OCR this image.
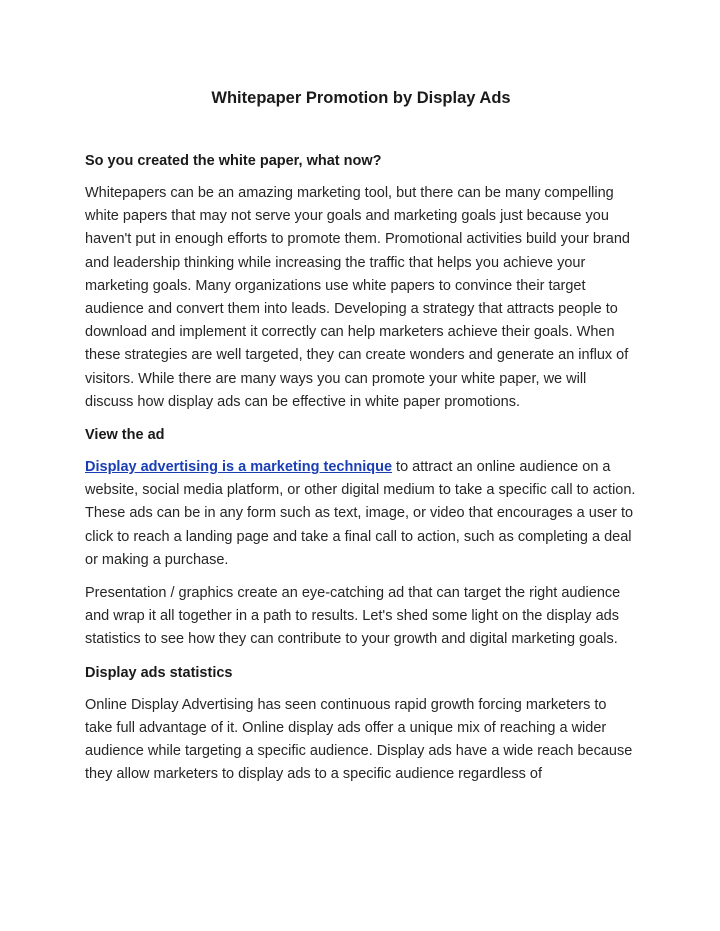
Whitepaper Promotion by Display Ads
So you created the white paper, what now?

Whitepapers can be an amazing marketing tool, but there can be many compelling white papers that may not serve your goals and marketing goals just because you haven't put in enough efforts to promote them. Promotional activities build your brand and leadership thinking while increasing the traffic that helps you achieve your marketing goals. Many organizations use white papers to convince their target audience and convert them into leads. Developing a strategy that attracts people to download and implement it correctly can help marketers achieve their goals. When these strategies are well targeted, they can create wonders and generate an influx of visitors. While there are many ways you can promote your white paper, we will discuss how display ads can be effective in white paper promotions.

View the ad

Display advertising is a marketing technique to attract an online audience on a website, social media platform, or other digital medium to take a specific call to action. These ads can be in any form such as text, image, or video that encourages a user to click to reach a landing page and take a final call to action, such as completing a deal or making a purchase.

Presentation / graphics create an eye-catching ad that can target the right audience and wrap it all together in a path to results. Let's shed some light on the display ads statistics to see how they can contribute to your growth and digital marketing goals.

Display ads statistics

Online Display Advertising has seen continuous rapid growth forcing marketers to take full advantage of it. Online display ads offer a unique mix of reaching a wider audience while targeting a specific audience. Display ads have a wide reach because they allow marketers to display ads to a specific audience regardless of
